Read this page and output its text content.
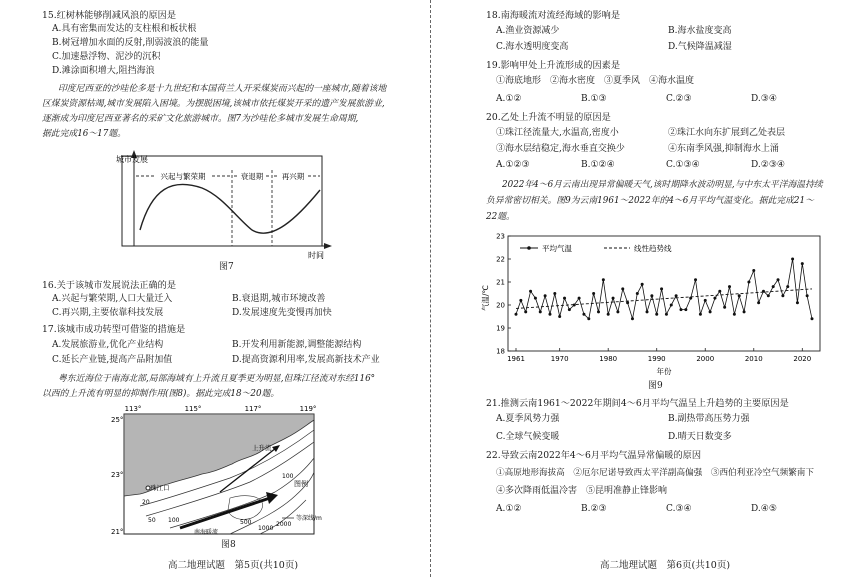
15.红树林能够削减风浪的原因是
A.具有密集而发达的支柱根和板状根
B.树冠增加水面的反射,削弱波浪的能量
C.加速悬浮物、泥沙的沉积
D.滩涂面积增大,阻挡海浪
印度尼西亚的沙哇伦多是十九世纪和本国荷兰人开采煤炭而兴起的一座城市,随着该地
区煤炭资源枯竭,城市发展陷入困境。为摆脱困境,该城市依托煤炭开采的遗产发展旅游业,
逐渐成为印度尼西亚著名的采矿文化旅游城市。图7为沙哇伦多城市发展生命周期,
据此完成16～17题。
城市发展
时间
兴起与繁荣期	衰退期 再兴期
图7
16.关于该城市发展说法正确的是
A.兴起与繁荣期,人口大量迁入	B.衰退期,城市环境改善
C.再兴期,主要依靠科技发展	D.发展速度先变慢再加快
17.该城市成功转型可借鉴的措施是
A.发展旅游业,优化产业结构	B.开发利用新能源,调整能源结构
C.延长产业链,提高产品附加值	D.提高资源利用率,发展高新技术产业
粤东近海位于南海北部,局部海域有上升流且夏季更为明显,但珠江径流对东经116°
以西的上升流有明显的抑制作用(图8)。据此完成18～20题。
113°	115°	117°	119°
25°
23°
21°
珠江口
上升流
南海暖流
图例
等深线/m
20
50 100
100
500
1000
2000
图8
高二地理试题　第5页(共10页)
18.南海暖流对流经海域的影响是
A.渔业资源减少	B.海水盐度变高
C.海水透明度变高	D.气候降温减湿
19.影响甲处上升流形成的因素是
①海底地形　②海水密度　③夏季风　④海水温度
A.①②	B.①③	C.②③	D.③④
20.乙处上升流不明显的原因是
①珠江径流量大,水温高,密度小	②珠江水向东扩展到乙处表层
③海水层结稳定,海水垂直交换少	④东南季风强,抑制海水上涌
A.①②③	B.①②④	C.①③④	D.②③④
2022年4～6月云南出现异常偏暖天气,该时期降水波动明显,与中东太平洋海温持续
负异常密切相关。图9为云南1961～2022年的4～6月平均气温变化。据此完成21～
22题。
18
19
20
21
22
23
1961	1970	1980	1990	2000	2010	2020
平均气温	线性趋势线
气温/℃
年份
图9
21.推测云南1961～2022年期间4～6月平均气温呈上升趋势的主要原因是
A.夏季风势力强	B.副热带高压势力强
C.全球气候变暖	D.晴天日数变多
22.导致云南2022年4～6月平均气温异常偏暖的原因
①高原地形海拔高　②厄尔尼诺导致西太平洋副高偏强　③西伯利亚冷空气频繁南下
④多次降雨低温冷害　⑤昆明准静止锋影响
A.①②	B.②③	C.③④	D.④⑤
高二地理试题　第6页(共10页)
